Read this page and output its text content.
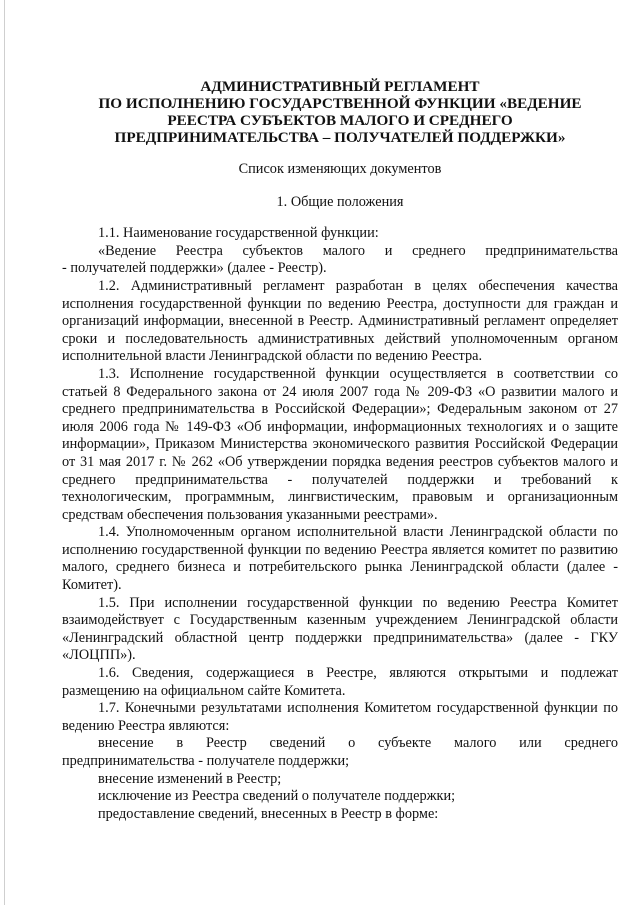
АДМИНИСТРАТИВНЫЙ РЕГЛАМЕНТ
ПО ИСПОЛНЕНИЮ ГОСУДАРСТВЕННОЙ ФУНКЦИИ «ВЕДЕНИЕ
РЕЕСТРА СУБЪЕКТОВ МАЛОГО И СРЕДНЕГО
ПРЕДПРИНИМАТЕЛЬСТВА – ПОЛУЧАТЕЛЕЙ ПОДДЕРЖКИ»

Список изменяющих документов

1. Общие положения

1.1. Наименование государственной функции:

«Ведение Реестра субъектов малого и среднего предпринимательства
- получателей поддержки» (далее - Реестр).

1.2. Административный регламент разработан в целях обеспечения качества исполнения государственной функции по ведению Реестра, доступности для граждан и организаций информации, внесенной в Реестр. Административный регламент определяет сроки и последовательность административных действий уполномоченным органом исполнительной власти Ленинградской области по ведению Реестра.

1.3. Исполнение государственной функции осуществляется в соответствии со статьей 8 Федерального закона от 24 июля 2007 года № 209-ФЗ «О развитии малого и среднего предпринимательства в Российской Федерации»; Федеральным законом от 27 июля 2006 года № 149-ФЗ «Об информации, информационных технологиях и о защите информации», Приказом Министерства экономического развития Российской Федерации от 31 мая 2017 г. № 262 «Об утверждении порядка ведения реестров субъектов малого и среднего предпринимательства - получателей поддержки и требований к технологическим, программным, лингвистическим, правовым и организационным средствам обеспечения пользования указанными реестрами».

1.4. Уполномоченным органом исполнительной власти Ленинградской области по исполнению государственной функции по ведению Реестра является комитет по развитию малого, среднего бизнеса и потребительского рынка Ленинградской области (далее - Комитет).

1.5. При исполнении государственной функции по ведению Реестра Комитет взаимодействует с Государственным казенным учреждением Ленинградской области «Ленинградский областной центр поддержки предпринимательства» (далее - ГКУ «ЛОЦПП»).

1.6. Сведения, содержащиеся в Реестре, являются открытыми и подлежат размещению на официальном сайте Комитета.

1.7. Конечными результатами исполнения Комитетом государственной функции по ведению Реестра являются:

внесение в Реестр сведений о субъекте малого или среднего
предпринимательства - получателе поддержки;

внесение изменений в Реестр;

исключение из Реестра сведений о получателе поддержки;

предоставление сведений, внесенных в Реестр в форме:
